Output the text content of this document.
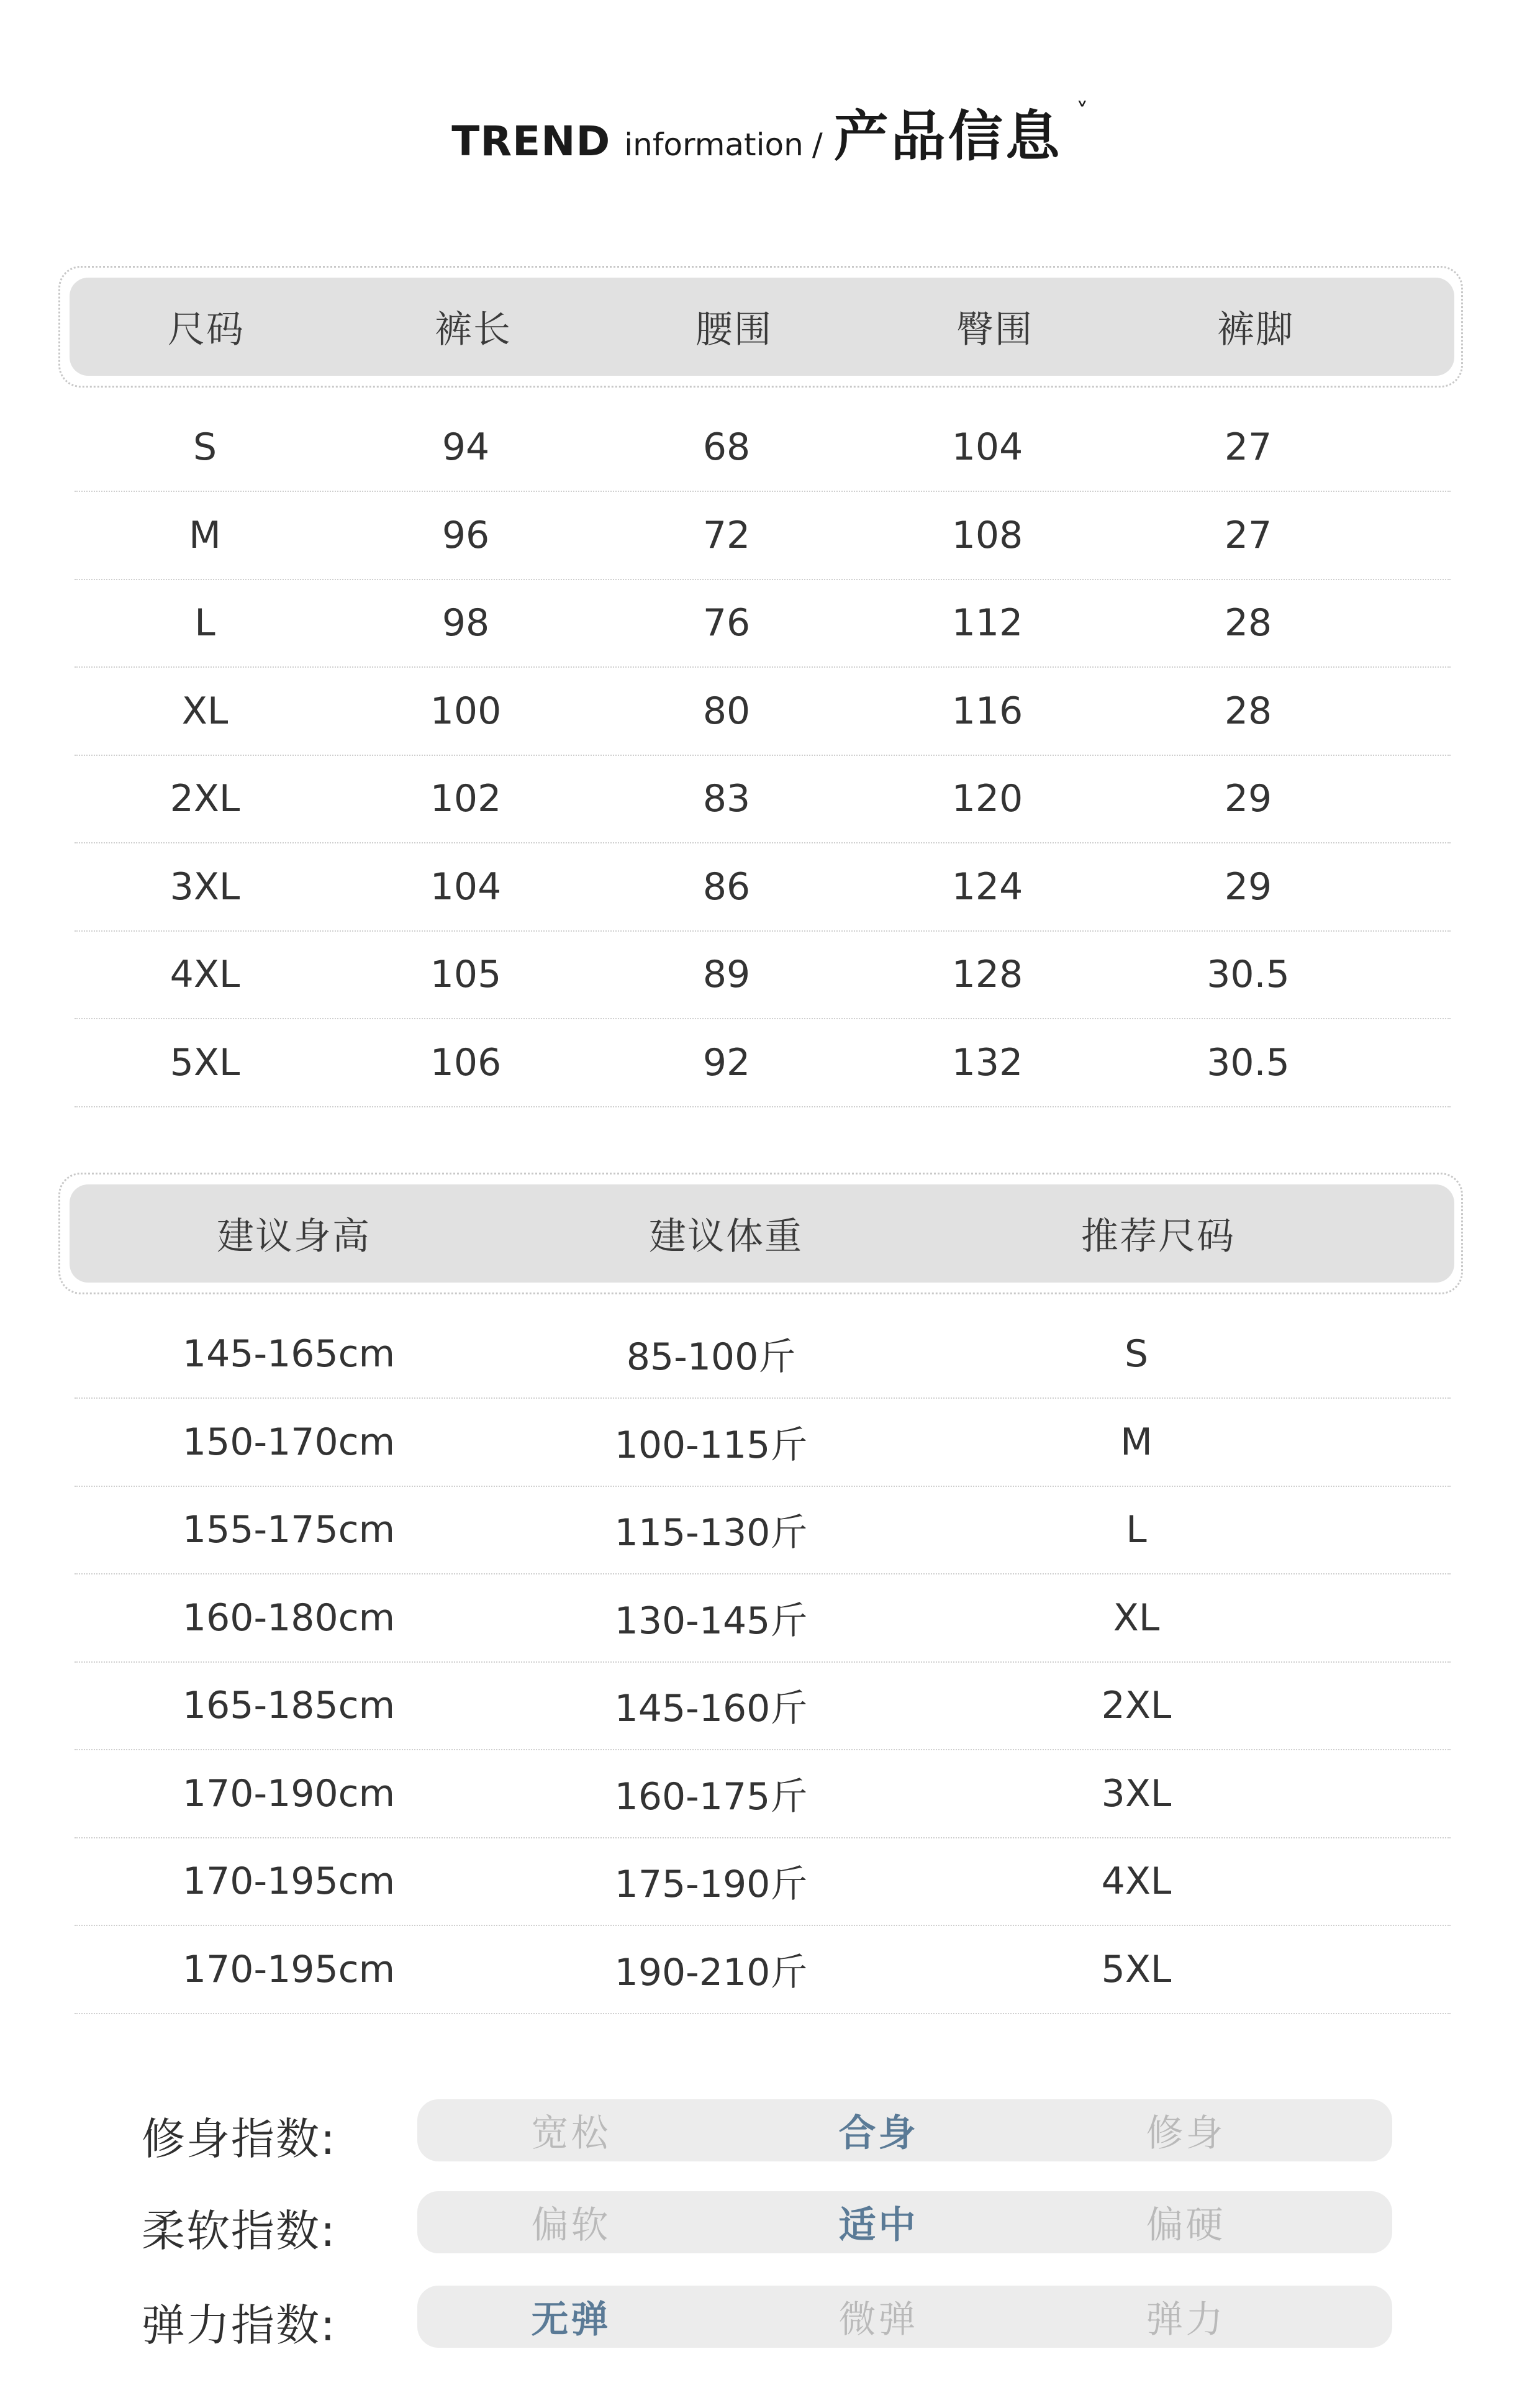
TREND information / 产品信息 ˅
尺码	裤长	腰围	臀围	裤脚
S	94	68	104	27
M	96	72	108	27
L	98	76	112	28
XL	100	80	116	28
2XL	102	83	120	29
3XL	104	86	124	29
4XL	105	89	128	30.5
5XL	106	92	132	30.5
建议身高	建议体重	推荐尺码
145-165cm	85-100斤	S
150-170cm	100-115斤	M
155-175cm	115-130斤	L
160-180cm	130-145斤	XL
165-185cm	145-160斤	2XL
170-190cm	160-175斤	3XL
170-195cm	175-190斤	4XL
170-195cm	190-210斤	5XL
修身指数:	宽松	合身	修身
柔软指数:	偏软	适中	偏硬
弹力指数:	无弹	微弹	弹力
